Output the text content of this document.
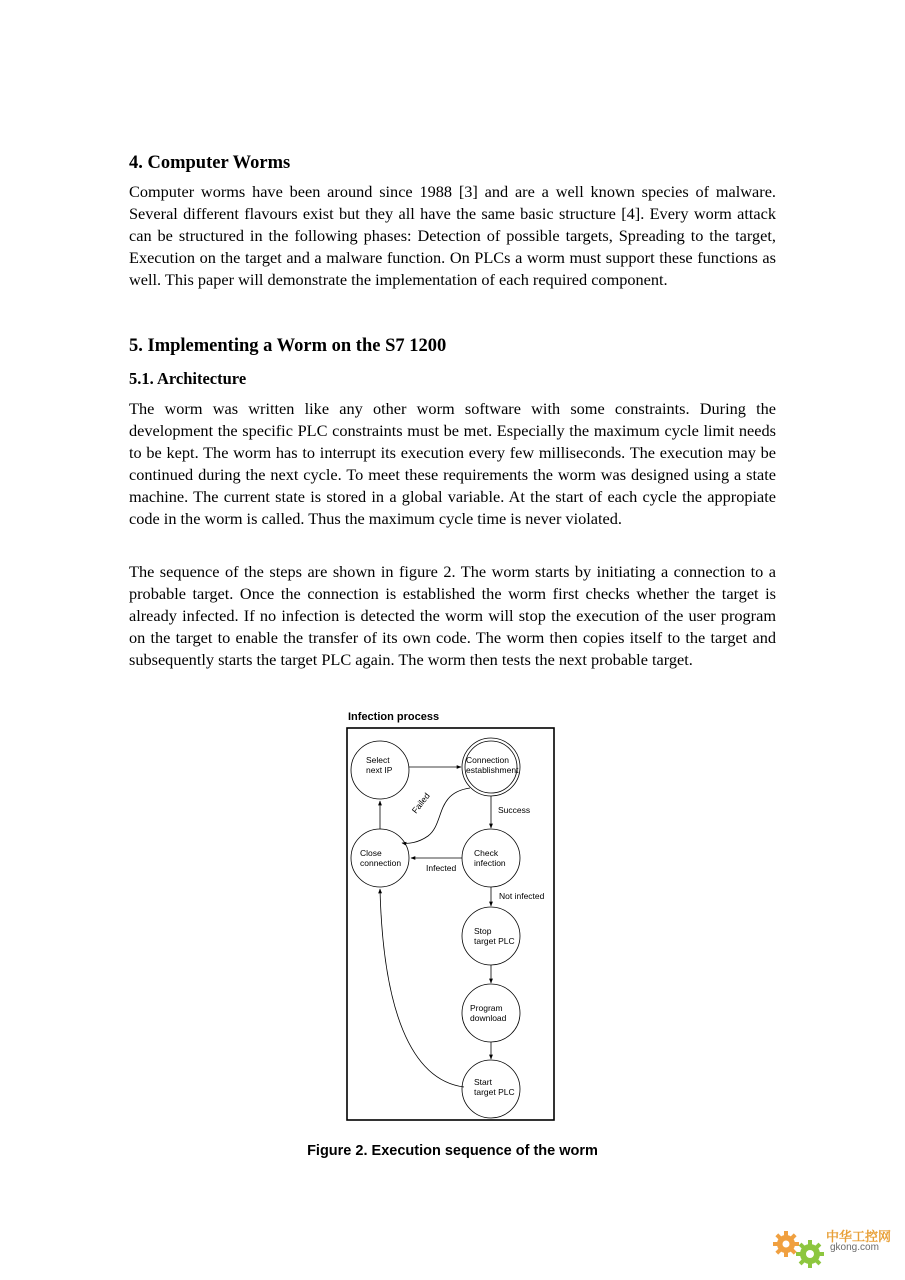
4. Computer Worms

Computer worms have been around since 1988 [3] and are a well known species of malware. Several different flavours exist but they all have the same basic structure [4]. Every worm attack can be structured in the following phases: Detection of possible targets, Spreading to the target, Execution on the target and a malware function. On PLCs a worm must support these functions as well. This paper will demonstrate the implementation of each required component.

5. Implementing a Worm on the S7 1200
5.1. Architecture

The worm was written like any other worm software with some constraints. During the development the specific PLC constraints must be met. Especially the maximum cycle limit needs to be kept. The worm has to interrupt its execution every few milliseconds. The execution may be continued during the next cycle. To meet these requirements the worm was designed using a state machine. The current state is stored in a global variable. At the start of each cycle the appropiate code in the worm is called. Thus the maximum cycle time is never violated.

The sequence of the steps are shown in figure 2. The worm starts by initiating a connection to a probable target. Once the connection is established the worm first checks whether the target is already infected. If no infection is detected the worm will stop the execution of the user program on the target to enable the transfer of its own code. The worm then copies itself to the target and subsequently starts the target PLC again. The worm then tests the next probable target.

Select
next IP
Connection
establishment
Close
connection
Check
infection
Stop
target PLC
Program
download
Start
target PLC
Success
Failed
Infected
Not infected
Infection process
Figure 2. Execution sequence of the worm
中华工控网
gkong.com
